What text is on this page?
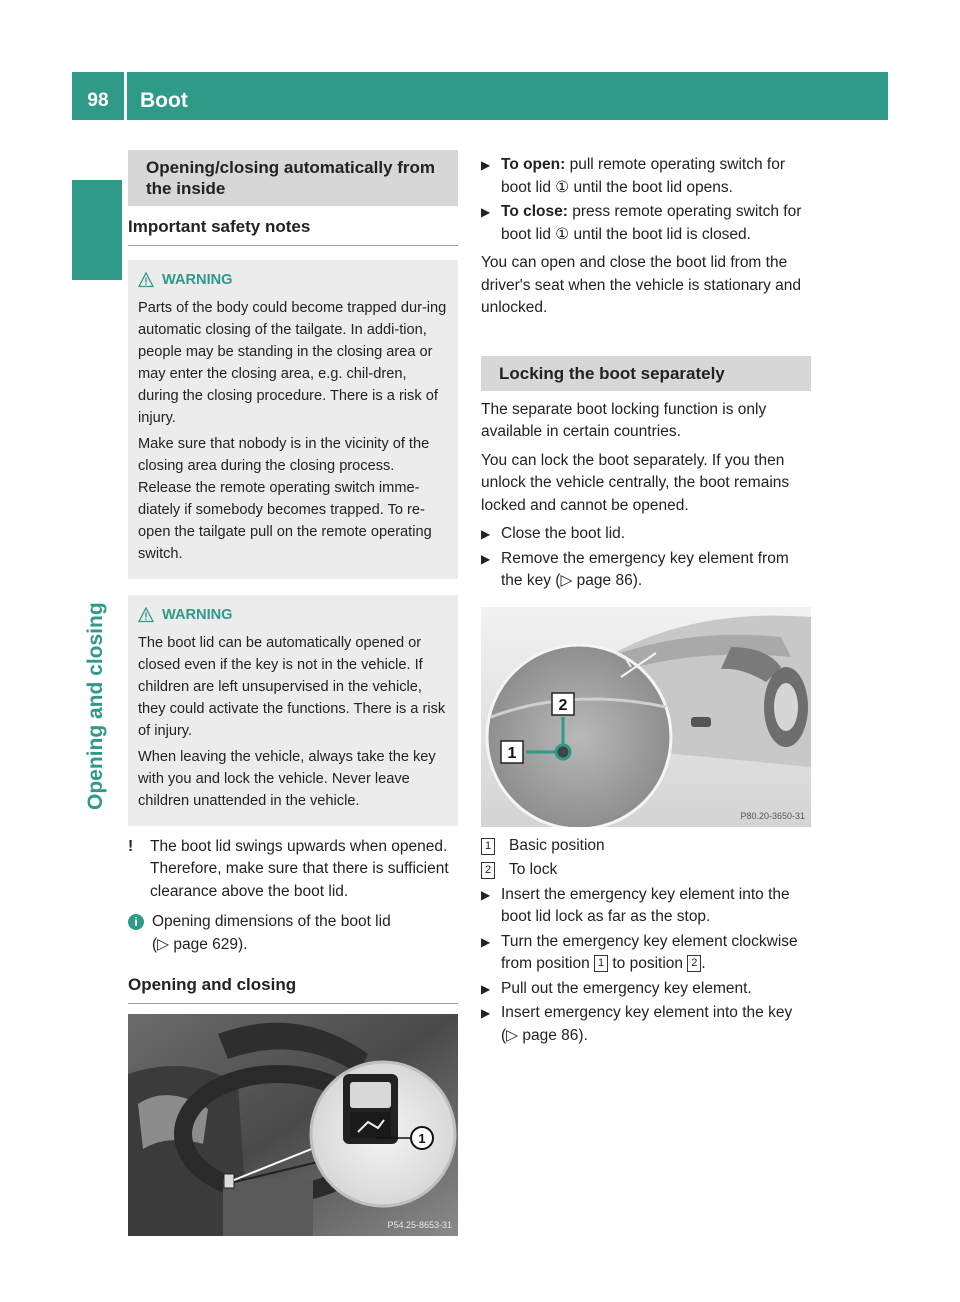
98	Boot
Opening and closing
Opening/closing automatically from the inside
Important safety notes
WARNING

Parts of the body could become trapped dur-ing automatic closing of the tailgate. In addi-tion, people may be standing in the closing area or may enter the closing area, e.g. chil-dren, during the closing procedure. There is a risk of injury.

Make sure that nobody is in the vicinity of the closing area during the closing process. Release the remote operating switch imme-diately if somebody becomes trapped. To re-open the tailgate pull on the remote operating switch.

WARNING

The boot lid can be automatically opened or closed even if the key is not in the vehicle. If children are left unsupervised in the vehicle, they could activate the functions. There is a risk of injury.

When leaving the vehicle, always take the key with you and lock the vehicle. Never leave children unattended in the vehicle.

!	The boot lid swings upwards when opened. Therefore, make sure that there is sufficient clearance above the boot lid.
i Opening dimensions of the boot lid
(▷ page 629).
Opening and closing
1
P54.25-8653-31
▶ To open: pull remote operating switch for boot lid ① until the boot lid opens.
▶ To close: press remote operating switch for boot lid ① until the boot lid is closed.

You can open and close the boot lid from the driver's seat when the vehicle is stationary and unlocked.

Locking the boot separately

The separate boot locking function is only available in certain countries.

You can lock the boot separately. If you then unlock the vehicle centrally, the boot remains locked and cannot be opened.

▶ Close the boot lid.
▶ Remove the emergency key element from the key (▷ page 86).
2
1
P80.20-3650-31
1 Basic position
2 To lock
▶ Insert the emergency key element into the boot lid lock as far as the stop.
▶ Turn the emergency key element clockwise from position 1 to position 2 .
▶ Pull out the emergency key element.
▶ Insert emergency key element into the key (▷ page 86).
